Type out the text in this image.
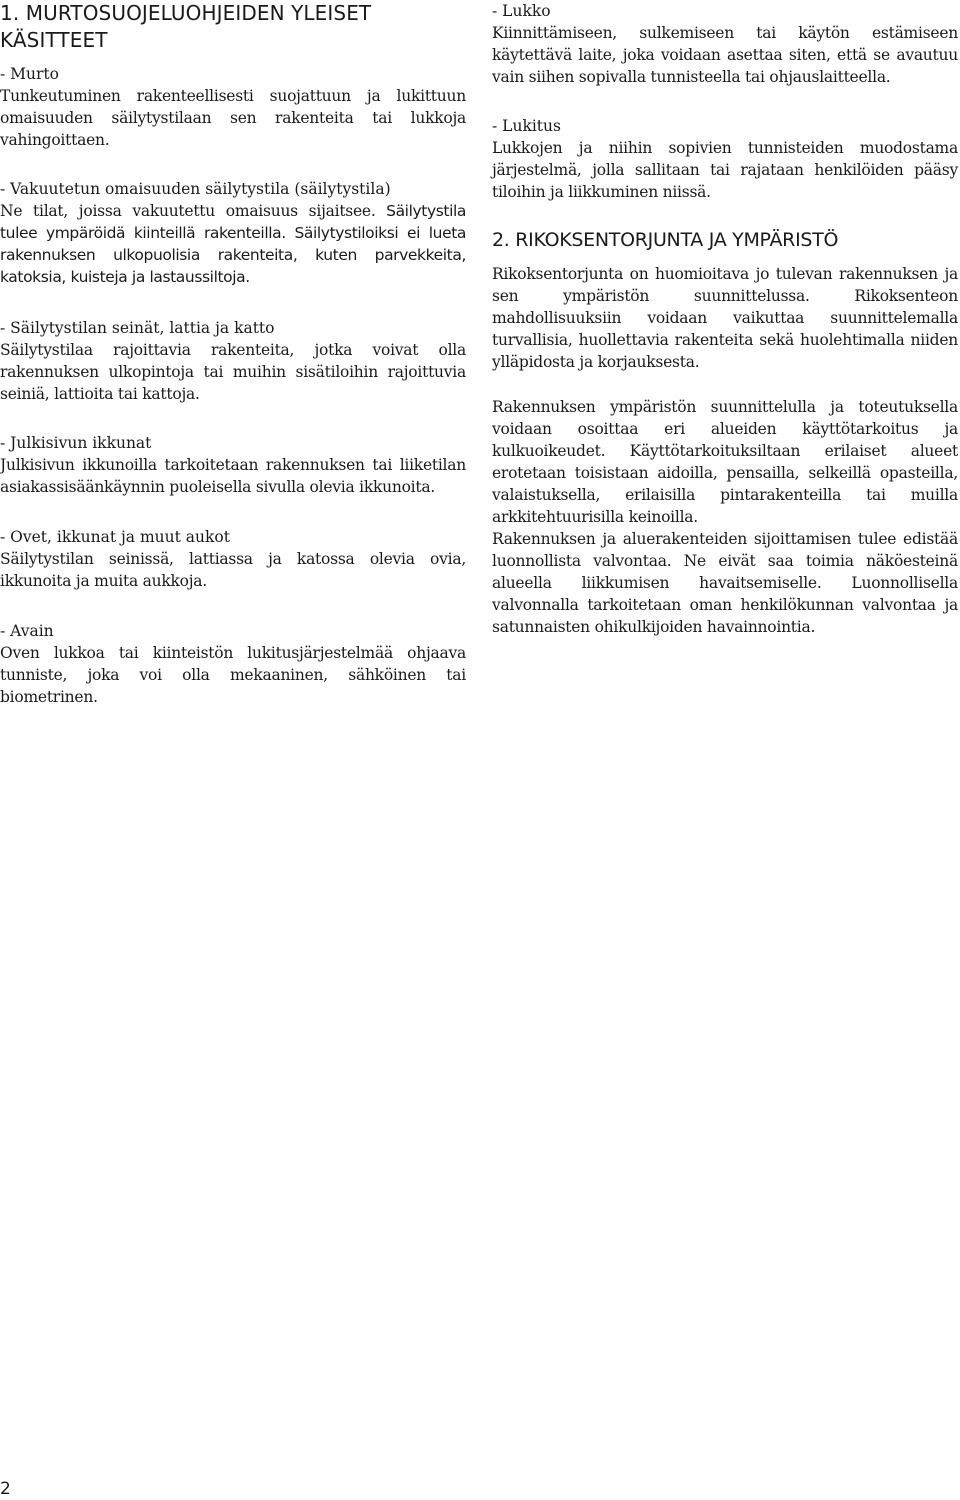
1. MURTOSUOJELUOHJEIDEN YLEISET
KÄSITTEET

- Murto

Tunkeutuminen rakenteellisesti suojattuun ja lukittuun omaisuuden säilytystilaan sen rakenteita tai lukkoja vahingoittaen.

- Vakuutetun omaisuuden säilytystila (säilytystila)

Ne tilat, joissa vakuutettu omaisuus sijaitsee. Säilytystila tulee ympäröidä kiinteillä rakenteilla. Säilytystiloiksi ei lueta rakennuksen ulkopuolisia rakenteita, kuten parvekkeita, katoksia, kuisteja ja lastaussiltoja.

- Säilytystilan seinät, lattia ja katto

Säilytystilaa rajoittavia rakenteita, jotka voivat olla rakennuksen ulkopintoja tai muihin sisätiloihin rajoittuvia seiniä, lattioita tai kattoja.

- Julkisivun ikkunat

Julkisivun ikkunoilla tarkoitetaan rakennuksen tai liiketilan asiakassisäänkäynnin puoleisella sivulla olevia ikkunoita.

- Ovet, ikkunat ja muut aukot

Säilytystilan seinissä, lattiassa ja katossa olevia ovia, ikkunoita ja muita aukkoja.

- Avain

Oven lukkoa tai kiinteistön lukitusjärjestelmää ohjaava tunniste, joka voi olla mekaaninen, sähköinen tai biometrinen.

- Lukko

Kiinnittämiseen, sulkemiseen tai käytön estämiseen käytettävä laite, joka voidaan asettaa siten, että se avautuu vain siihen sopivalla tunnisteella tai ohjauslaitteella.

- Lukitus

Lukkojen ja niihin sopivien tunnisteiden muodostama järjestelmä, jolla sallitaan tai rajataan henkilöiden pääsy tiloihin ja liikkuminen niissä.

2. RIKOKSENTORJUNTA JA YMPÄRISTÖ

Rikoksentorjunta on huomioitava jo tulevan rakennuksen ja sen ympäristön suunnittelussa. Rikoksenteon mahdollisuuksiin voidaan vaikuttaa suunnittelemalla turvallisia, huollettavia rakenteita sekä huolehtimalla niiden ylläpidosta ja korjauksesta.

Rakennuksen ympäristön suunnittelulla ja toteutuksella voidaan osoittaa eri alueiden käyttötarkoitus ja kulkuoikeudet. Käyttötarkoituksiltaan erilaiset alueet erotetaan toisistaan aidoilla, pensailla, selkeillä opasteilla, valaistuksella, erilaisilla pintarakenteilla tai muilla arkkitehtuurisilla keinoilla.

Rakennuksen ja aluerakenteiden sijoittamisen tulee edistää luonnollista valvontaa. Ne eivät saa toimia näköesteinä alueella liikkumisen havaitsemiselle. Luonnollisella valvonnalla tarkoitetaan oman henkilökunnan valvontaa ja satunnaisten ohikulkijoiden havainnointia.

2
